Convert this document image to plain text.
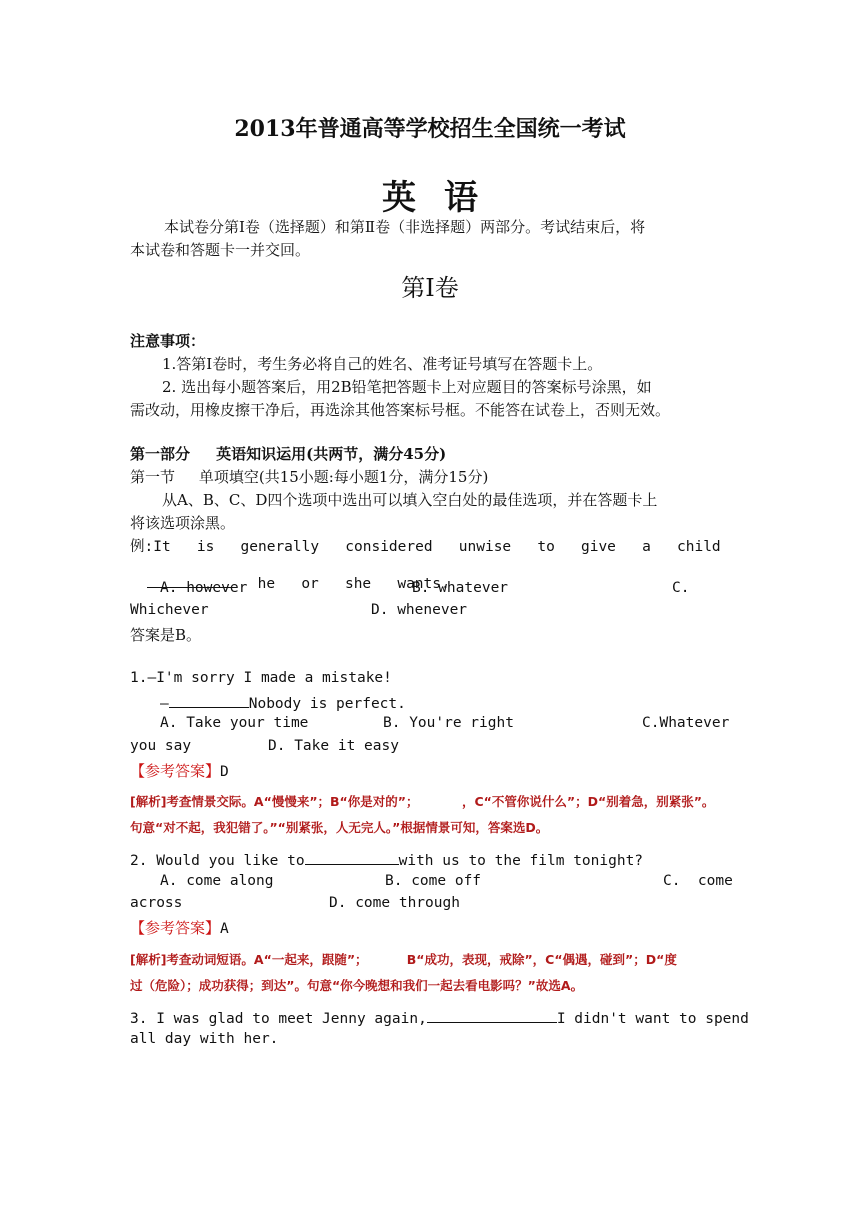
2013年普通高等学校招生全国统一考试
英语
本试卷分第Ⅰ卷（选择题）和第Ⅱ卷（非选择题）两部分。考试结束后，将
本试卷和答题卡一并交回。
第Ⅰ卷
注意事项：
1.答第Ⅰ卷时，考生务必将自己的姓名、准考证号填写在答题卡上。
2. 选出每小题答案后，用2B铅笔把答题卡上对应题目的答案标号涂黑，如
需改动，用橡皮擦干净后，再选涂其他答案标号框。不能答在试卷上，否则无效。
第一部分     英语知识运用(共两节，满分45分)
第一节     单项填空(共15小题:每小题1分，满分15分)
从A、B、C、D四个选项中选出可以填入空白处的最佳选项，并在答题卡上
将该选项涂黑。
例:It   is   generally   considered   unwise   to   give   a   child

he   or   she   wants.

A. however	B. whatever	C.
Whichever	D. whenever
答案是B。
1.—I'm sorry I made a mistake!
—	Nobody is perfect.
A. Take your time	B. You're right	C.Whatever
you say	D. Take it easy
【参考答案】D
[解析]考查情景交际。A“慢慢来”；B“你是对的”；          ，C“不管你说什么”；D“别着急，别紧张”。
句意“对不起，我犯错了。”“别紧张，人无完人。”根据情景可知，答案选D。
2. Would you like to	with us to the film tonight?
A. come along	B. come off	C.  come
across	D. come through
【参考答案】A
[解析]考查动词短语。A“一起来，跟随”；         B“成功，表现，戒除”，C“偶遇，碰到”；D“度
过（危险）；成功获得；到达”。句意“你今晚想和我们一起去看电影吗？”故选A。
3. I was glad to meet Jenny again,	I didn't want to spend
all day with her.
